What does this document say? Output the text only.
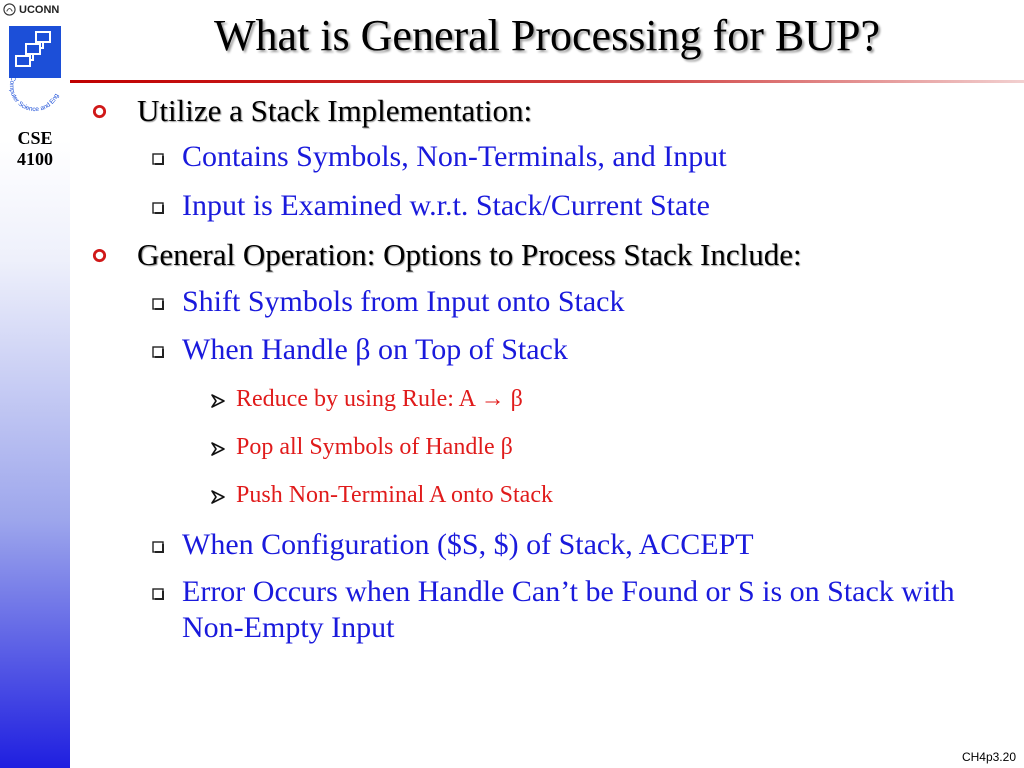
UCONN
Computer Science and Eng
CSE
4100
What is General Processing for BUP?
Utilize a Stack Implementation:
Contains Symbols, Non-Terminals, and Input
Input is Examined w.r.t. Stack/Current State
General Operation: Options to Process Stack Include:
Shift Symbols from Input onto Stack
When Handle β on Top of Stack
Reduce by using Rule: A → β
Pop all Symbols of Handle β
Push Non-Terminal A onto Stack
When Configuration ($S, $) of Stack, ACCEPT
Error Occurs when Handle Can’t be Found or S is on Stack with Non-Empty Input
CH4p3.20
